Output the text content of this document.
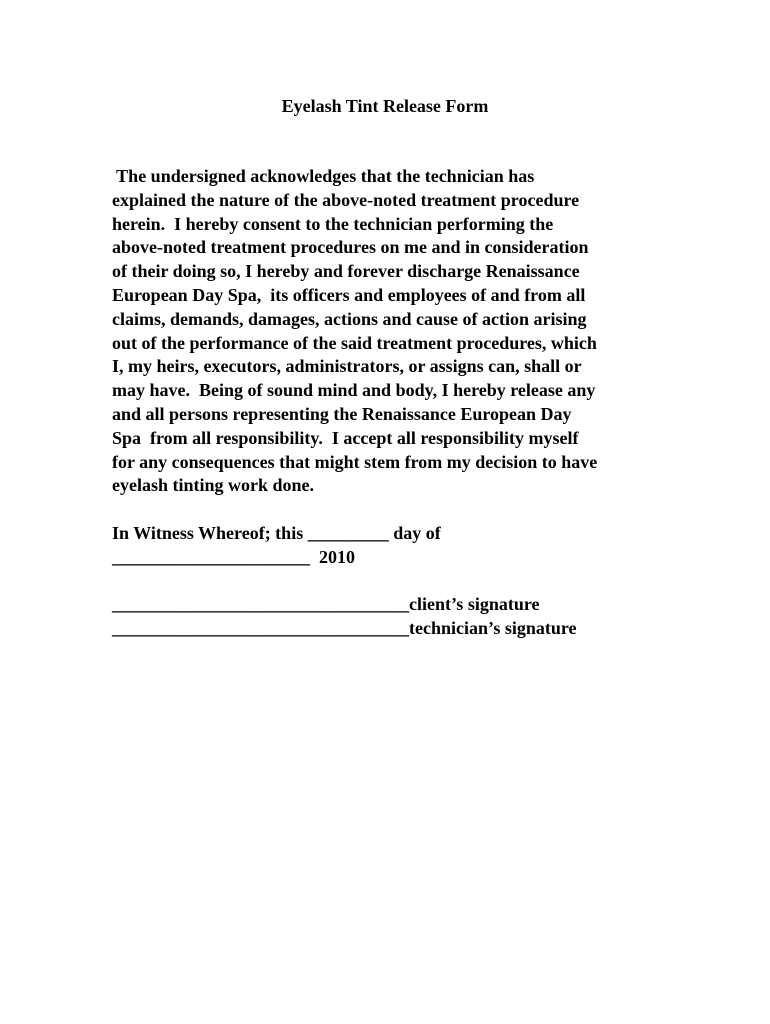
Eyelash Tint Release Form
The undersigned acknowledges that the technician has
explained the nature of the above-noted treatment procedure
herein.  I hereby consent to the technician performing the
above-noted treatment procedures on me and in consideration
of their doing so, I hereby and forever discharge Renaissance
European Day Spa,  its officers and employees of and from all
claims, demands, damages, actions and cause of action arising
out of the performance of the said treatment procedures, which
I, my heirs, executors, administrators, or assigns can, shall or
may have.  Being of sound mind and body, I hereby release any
and all persons representing the Renaissance European Day
Spa  from all responsibility.  I accept all responsibility myself
for any consequences that might stem from my decision to have
eyelash tinting work done.
In Witness Whereof; this _________ day of
______________________  2010
_________________________________client’s signature
_________________________________technician’s signature
